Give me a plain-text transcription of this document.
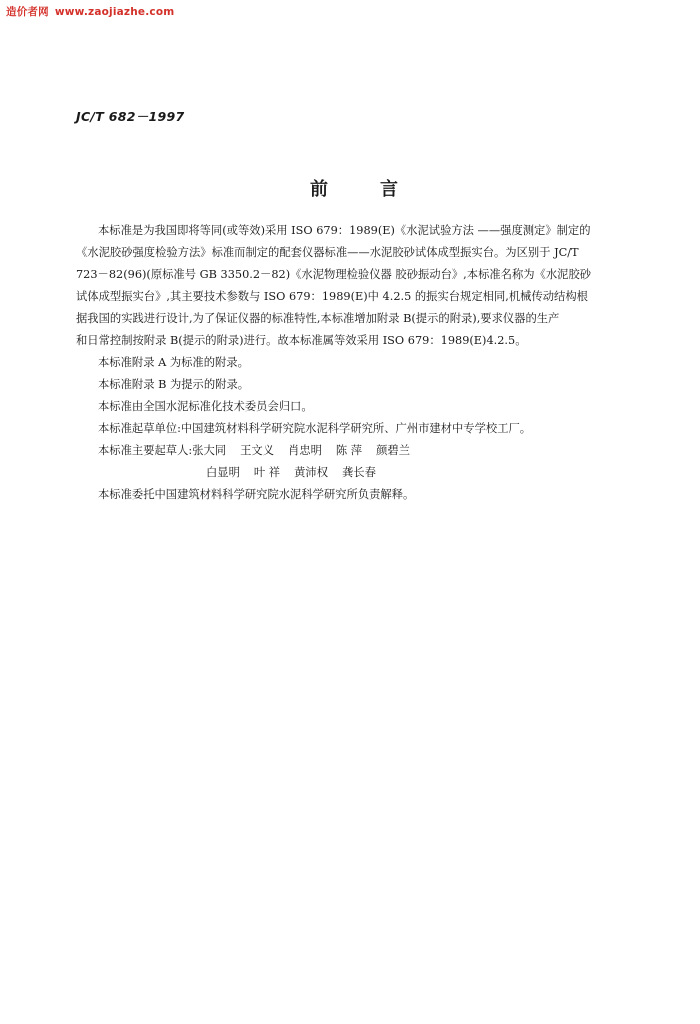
造价者网 www.zaojiazhe.com
JC/T 682－1997
前言
本标准是为我国即将等同(或等效)采用 ISO 679：1989(E)《水泥试验方法 ——强度测定》制定的
《水泥胶砂强度检验方法》标准而制定的配套仪器标准——水泥胶砂试体成型振实台。为区别于 JC/T
723－82(96)(原标准号 GB 3350.2－82)《水泥物理检验仪器 胶砂振动台》,本标准名称为《水泥胶砂
试体成型振实台》,其主要技术参数与 ISO 679：1989(E)中 4.2.5 的振实台规定相同,机械传动结构根
据我国的实践进行设计,为了保证仪器的标准特性,本标准增加附录 B(提示的附录),要求仪器的生产
和日常控制按附录 B(提示的附录)进行。故本标准属等效采用 ISO 679：1989(E)4.2.5。
本标准附录 A 为标准的附录。
本标准附录 B 为提示的附录。
本标准由全国水泥标准化技术委员会归口。
本标准起草单位:中国建筑材料科学研究院水泥科学研究所、广州市建材中专学校工厂。
本标准主要起草人:张大同 王文义 肖忠明 陈 萍 颜碧兰
白显明 叶 祥 黄沛权 龚长春
本标准委托中国建筑材料科学研究院水泥科学研究所负责解释。
